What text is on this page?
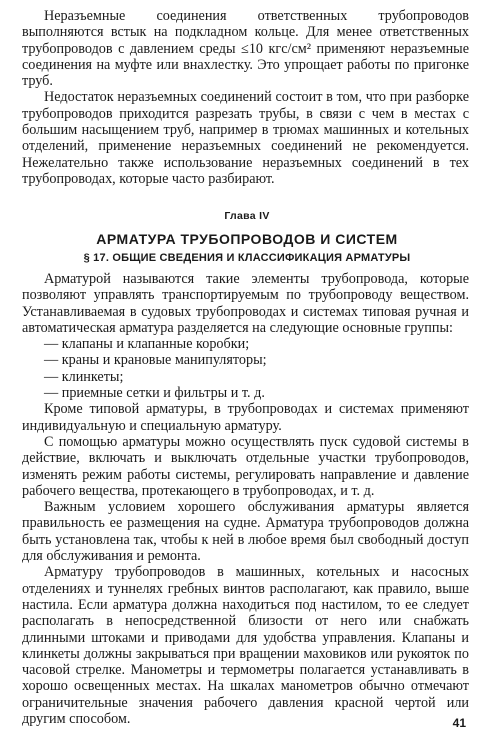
Неразъемные соединения ответственных трубопроводов выполняются встык на подкладном кольце. Для менее ответственных трубопроводов с давлением среды ≤10 кгс/см² применяют неразъемные соединения на муфте или внахлестку. Это упрощает работы по пригонке труб.

Недостаток неразъемных соединений состоит в том, что при разборке трубопроводов приходится разрезать трубы, в связи с чем в местах с большим насыщением труб, например в трюмах машинных и котельных отделений, применение неразъемных соединений не рекомендуется. Нежелательно также использование неразъемных соединений в тех трубопроводах, которые часто разбирают.

Глава IV
АРМАТУРА ТРУБОПРОВОДОВ И СИСТЕМ
§ 17. ОБЩИЕ СВЕДЕНИЯ И КЛАССИФИКАЦИЯ АРМАТУРЫ

Арматурой называются такие элементы трубопровода, которые позволяют управлять транспортируемым по трубопроводу веществом. Устанавливаемая в судовых трубопроводах и системах типовая ручная и автоматическая арматура разделяется на следующие основные группы:

— клапаны и клапанные коробки;

— краны и крановые манипуляторы;

— клинкеты;

— приемные сетки и фильтры и т. д.

Кроме типовой арматуры, в трубопроводах и системах применяют индивидуальную и специальную арматуру.

С помощью арматуры можно осуществлять пуск судовой системы в действие, включать и выключать отдельные участки трубопроводов, изменять режим работы системы, регулировать направление и давление рабочего вещества, протекающего в трубопроводах, и т. д.

Важным условием хорошего обслуживания арматуры является правильность ее размещения на судне. Арматура трубопроводов должна быть установлена так, чтобы к ней в любое время был свободный доступ для обслуживания и ремонта.

Арматуру трубопроводов в машинных, котельных и насосных отделениях и туннелях гребных винтов располагают, как правило, выше настила. Если арматура должна находиться под настилом, то ее следует располагать в непосредственной близости от него или снабжать длинными штоками и приводами для удобства управления. Клапаны и клинкеты должны закрываться при вращении маховиков или рукояток по часовой стрелке. Манометры и термометры полагается устанавливать в хорошо освещенных местах. На шкалах манометров обычно отмечают ограничительные значения рабочего давления красной чертой или другим способом.	41
